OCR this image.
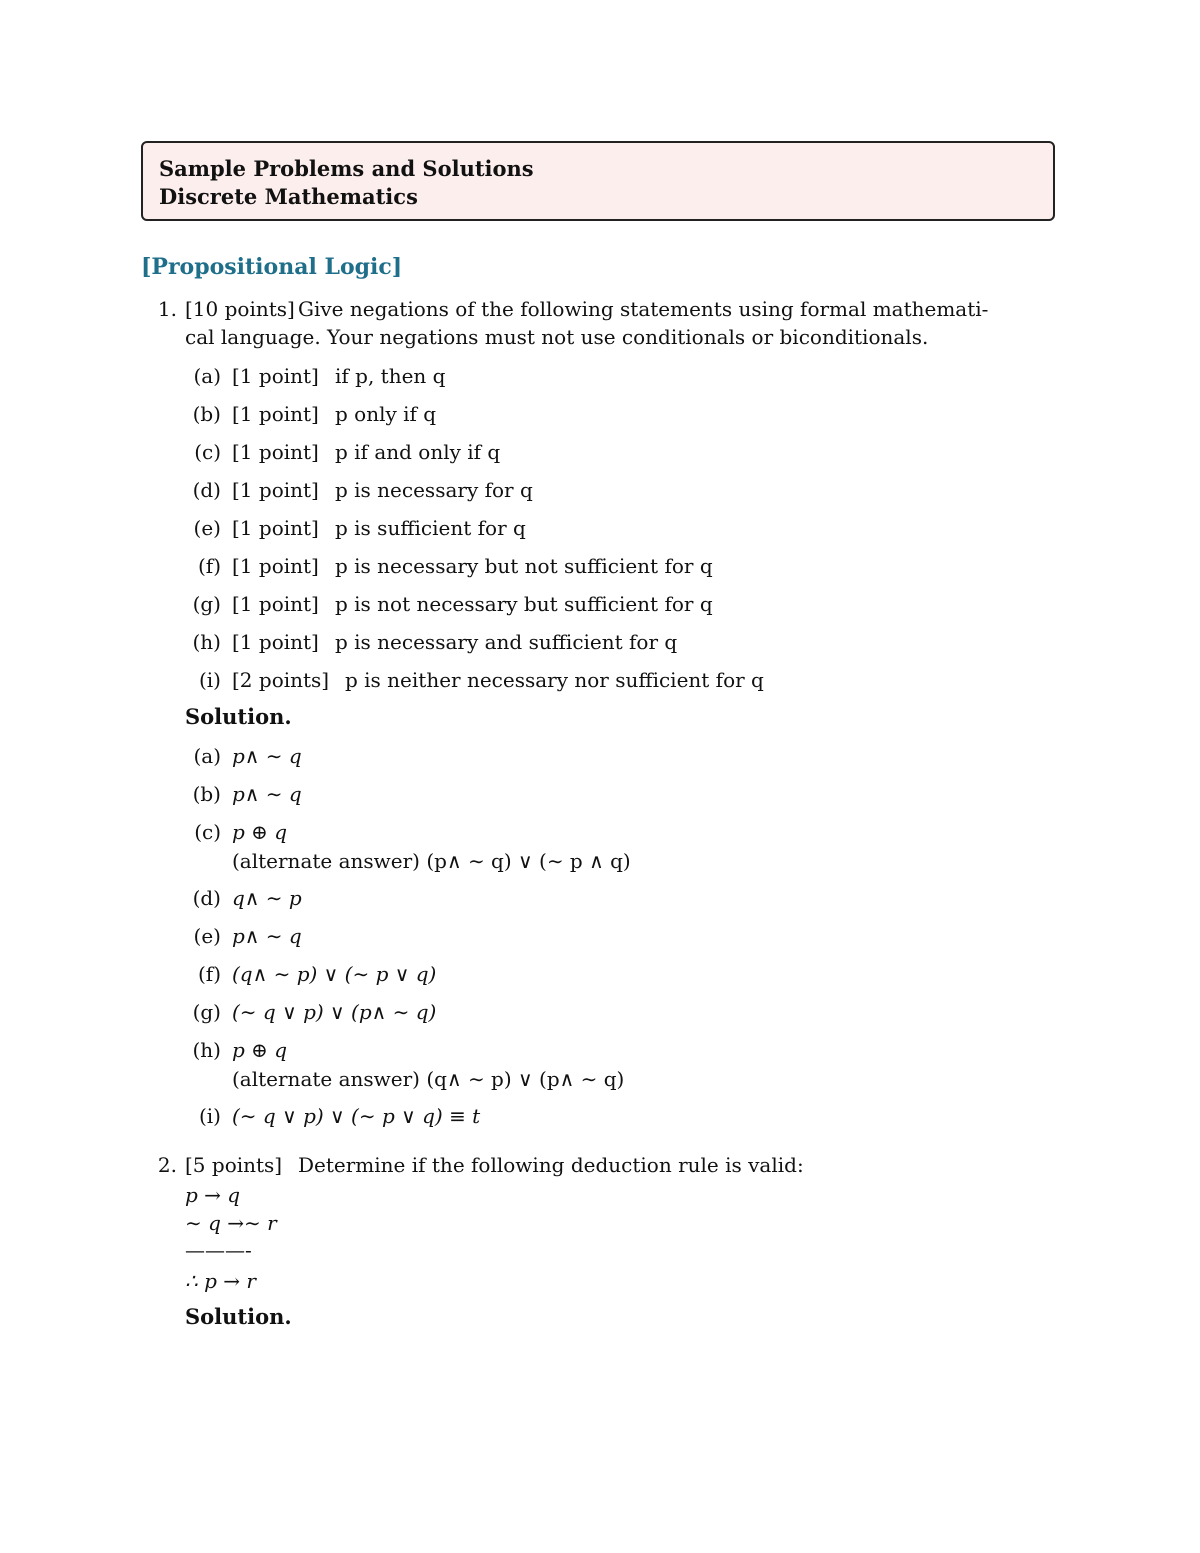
Sample Problems and Solutions
Discrete Mathematics
[Propositional Logic]
1. [10 points] Give negations of the following statements using formal mathemati-
cal language. Your negations must not use conditionals or biconditionals.
(a) [1 point] if p, then q
(b) [1 point] p only if q
(c) [1 point] p if and only if q
(d) [1 point] p is necessary for q
(e) [1 point] p is sufficient for q
(f) [1 point] p is necessary but not sufficient for q
(g) [1 point] p is not necessary but sufficient for q
(h) [1 point] p is necessary and sufficient for q
(i) [2 points] p is neither necessary nor sufficient for q
Solution.
(a) p∧ ∼ q
(b) p∧ ∼ q
(c) p ⊕ q
(alternate answer) (p∧ ∼ q) ∨ (∼ p ∧ q)
(d) q∧ ∼ p
(e) p∧ ∼ q
(f) (q∧ ∼ p) ∨ (∼ p ∨ q)
(g) (∼ q ∨ p) ∨ (p∧ ∼ q)
(h) p ⊕ q
(alternate answer) (q∧ ∼ p) ∨ (p∧ ∼ q)
(i) (∼ q ∨ p) ∨ (∼ p ∨ q) ≡ t
2. [5 points] Determine if the following deduction rule is valid:
p → q
∼ q →∼ r
———-
∴ p → r
Solution.
